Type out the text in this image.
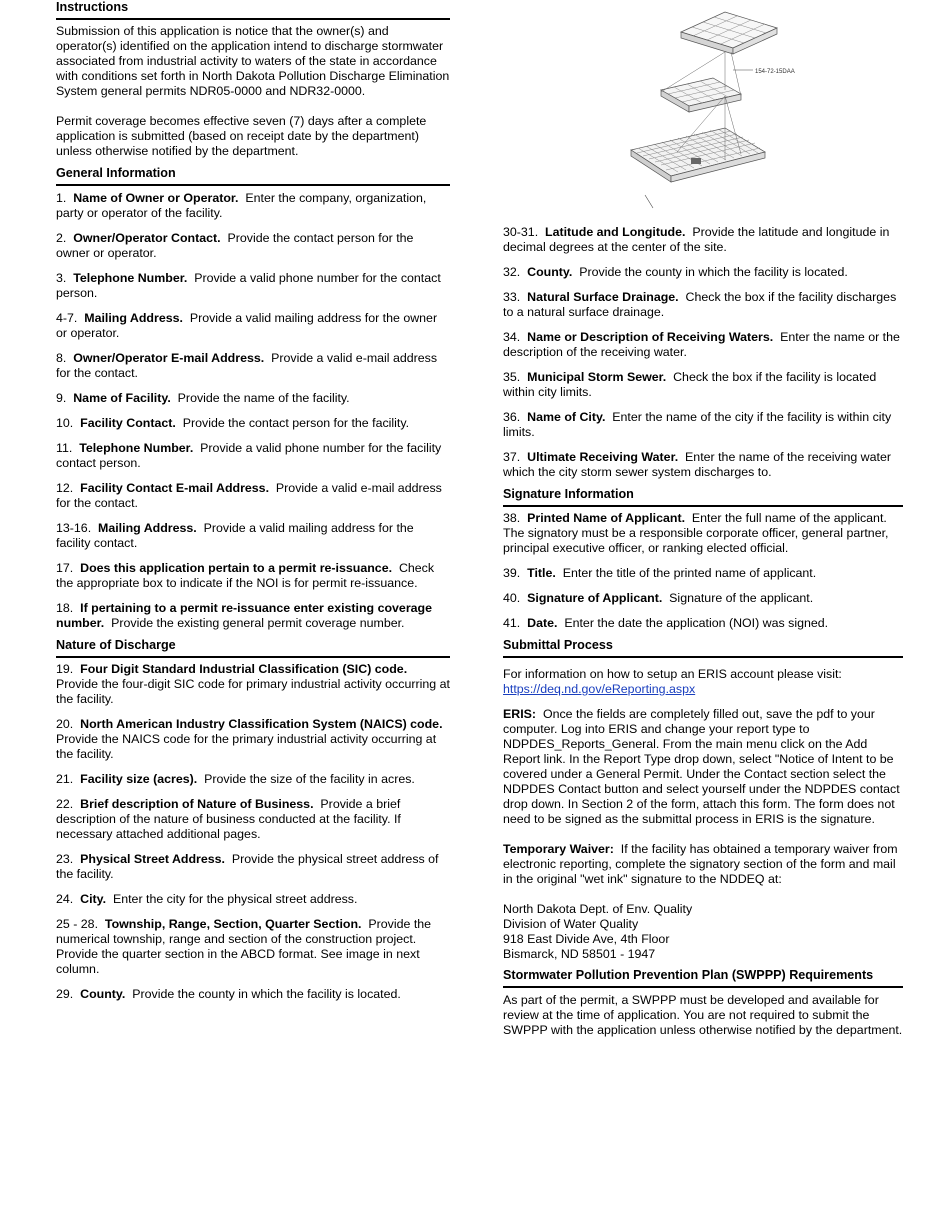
Instructions

Submission of this application is notice that the owner(s) and operator(s) identified on the application intend to discharge stormwater associated from industrial activity to waters of the state in accordance with conditions set forth in North Dakota Pollution Discharge Elimination System general permits NDR05-0000 and NDR32-0000.

Permit coverage becomes effective seven (7) days after a complete application is submitted (based on receipt date by the department) unless otherwise notified by the department.

General Information

1. Name of Owner or Operator. Enter the company, organization, party or operator of the facility.

2. Owner/Operator Contact. Provide the contact person for the owner or operator.

3. Telephone Number. Provide a valid phone number for the contact person.

4-7. Mailing Address. Provide a valid mailing address for the owner or operator.

8. Owner/Operator E-mail Address. Provide a valid e-mail address for the contact.

9. Name of Facility. Provide the name of the facility.

10. Facility Contact. Provide the contact person for the facility.

11. Telephone Number. Provide a valid phone number for the facility contact person.

12. Facility Contact E-mail Address. Provide a valid e-mail address for the contact.

13-16. Mailing Address. Provide a valid mailing address for the facility contact.

17. Does this application pertain to a permit re-issuance. Check the appropriate box to indicate if the NOI is for permit re-issuance.

18. If pertaining to a permit re-issuance enter existing coverage number. Provide the existing general permit coverage number.

Nature of Discharge

19. Four Digit Standard Industrial Classification (SIC) code.  Provide the four-digit SIC code for primary industrial activity occurring at the facility.

20. North American Industry Classification System (NAICS) code.  Provide the NAICS code for the primary industrial activity occurring at the facility.

21. Facility size (acres). Provide the size of the facility in acres.

22. Brief description of Nature of Business. Provide a brief description of the nature of business conducted at the facility. If necessary attached additional pages.

23. Physical Street Address. Provide the physical street address of the facility.

24. City. Enter the city for the physical street address.

25 - 28. Township, Range, Section, Quarter Section. Provide the numerical township, range and section of the construction project. Provide the quarter section in the ABCD format. See image in next column.

29. County. Provide the county in which the facility is located.

154-72-15DAA

30-31. Latitude and Longitude. Provide the latitude and longitude in decimal degrees at the center of the site.

32. County. Provide the county in which the facility is located.

33. Natural Surface Drainage. Check the box if the facility discharges to a natural surface drainage.

34. Name or Description of Receiving Waters. Enter the name or the description of the receiving water.

35. Municipal Storm Sewer. Check the box if the facility is located within city limits.

36. Name of City. Enter the name of the city if the facility is within city limits.

37. Ultimate Receiving Water. Enter the name of the receiving water which the city storm sewer system discharges to.

Signature Information

38. Printed Name of Applicant. Enter the full name of the applicant. The signatory must be a responsible corporate officer, general partner, principal executive officer, or ranking elected official.

39. Title. Enter the title of the printed name of applicant.

40. Signature of Applicant. Signature of the applicant.

41. Date. Enter the date the application (NOI) was signed.

Submittal Process

For information on how to setup an ERIS account please visit: https://deq.nd.gov/eReporting.aspx

ERIS: Once the fields are completely filled out, save the pdf to your computer. Log into ERIS and change your report type to NDPDES_Reports_General. From the main menu click on the Add Report link. In the Report Type drop down, select "Notice of Intent to be covered under a General Permit. Under the Contact section select the NDPDES Contact button and select yourself under the NDPDES contact drop down. In Section 2 of the form, attach this form. The form does not need to be signed as the submittal process in ERIS is the signature.

Temporary Waiver: If the facility has obtained a temporary waiver from electronic reporting, complete the signatory section of the form and mail in the original "wet ink" signature to the NDDEQ at:

North Dakota Dept. of Env. Quality
Division of Water Quality
918 East Divide Ave, 4th Floor
Bismarck, ND 58501 - 1947
Stormwater Pollution Prevention Plan (SWPPP) Requirements

As part of the permit, a SWPPP must be developed and available for review at the time of application. You are not required to submit the SWPPP with the application unless otherwise notified by the department.
